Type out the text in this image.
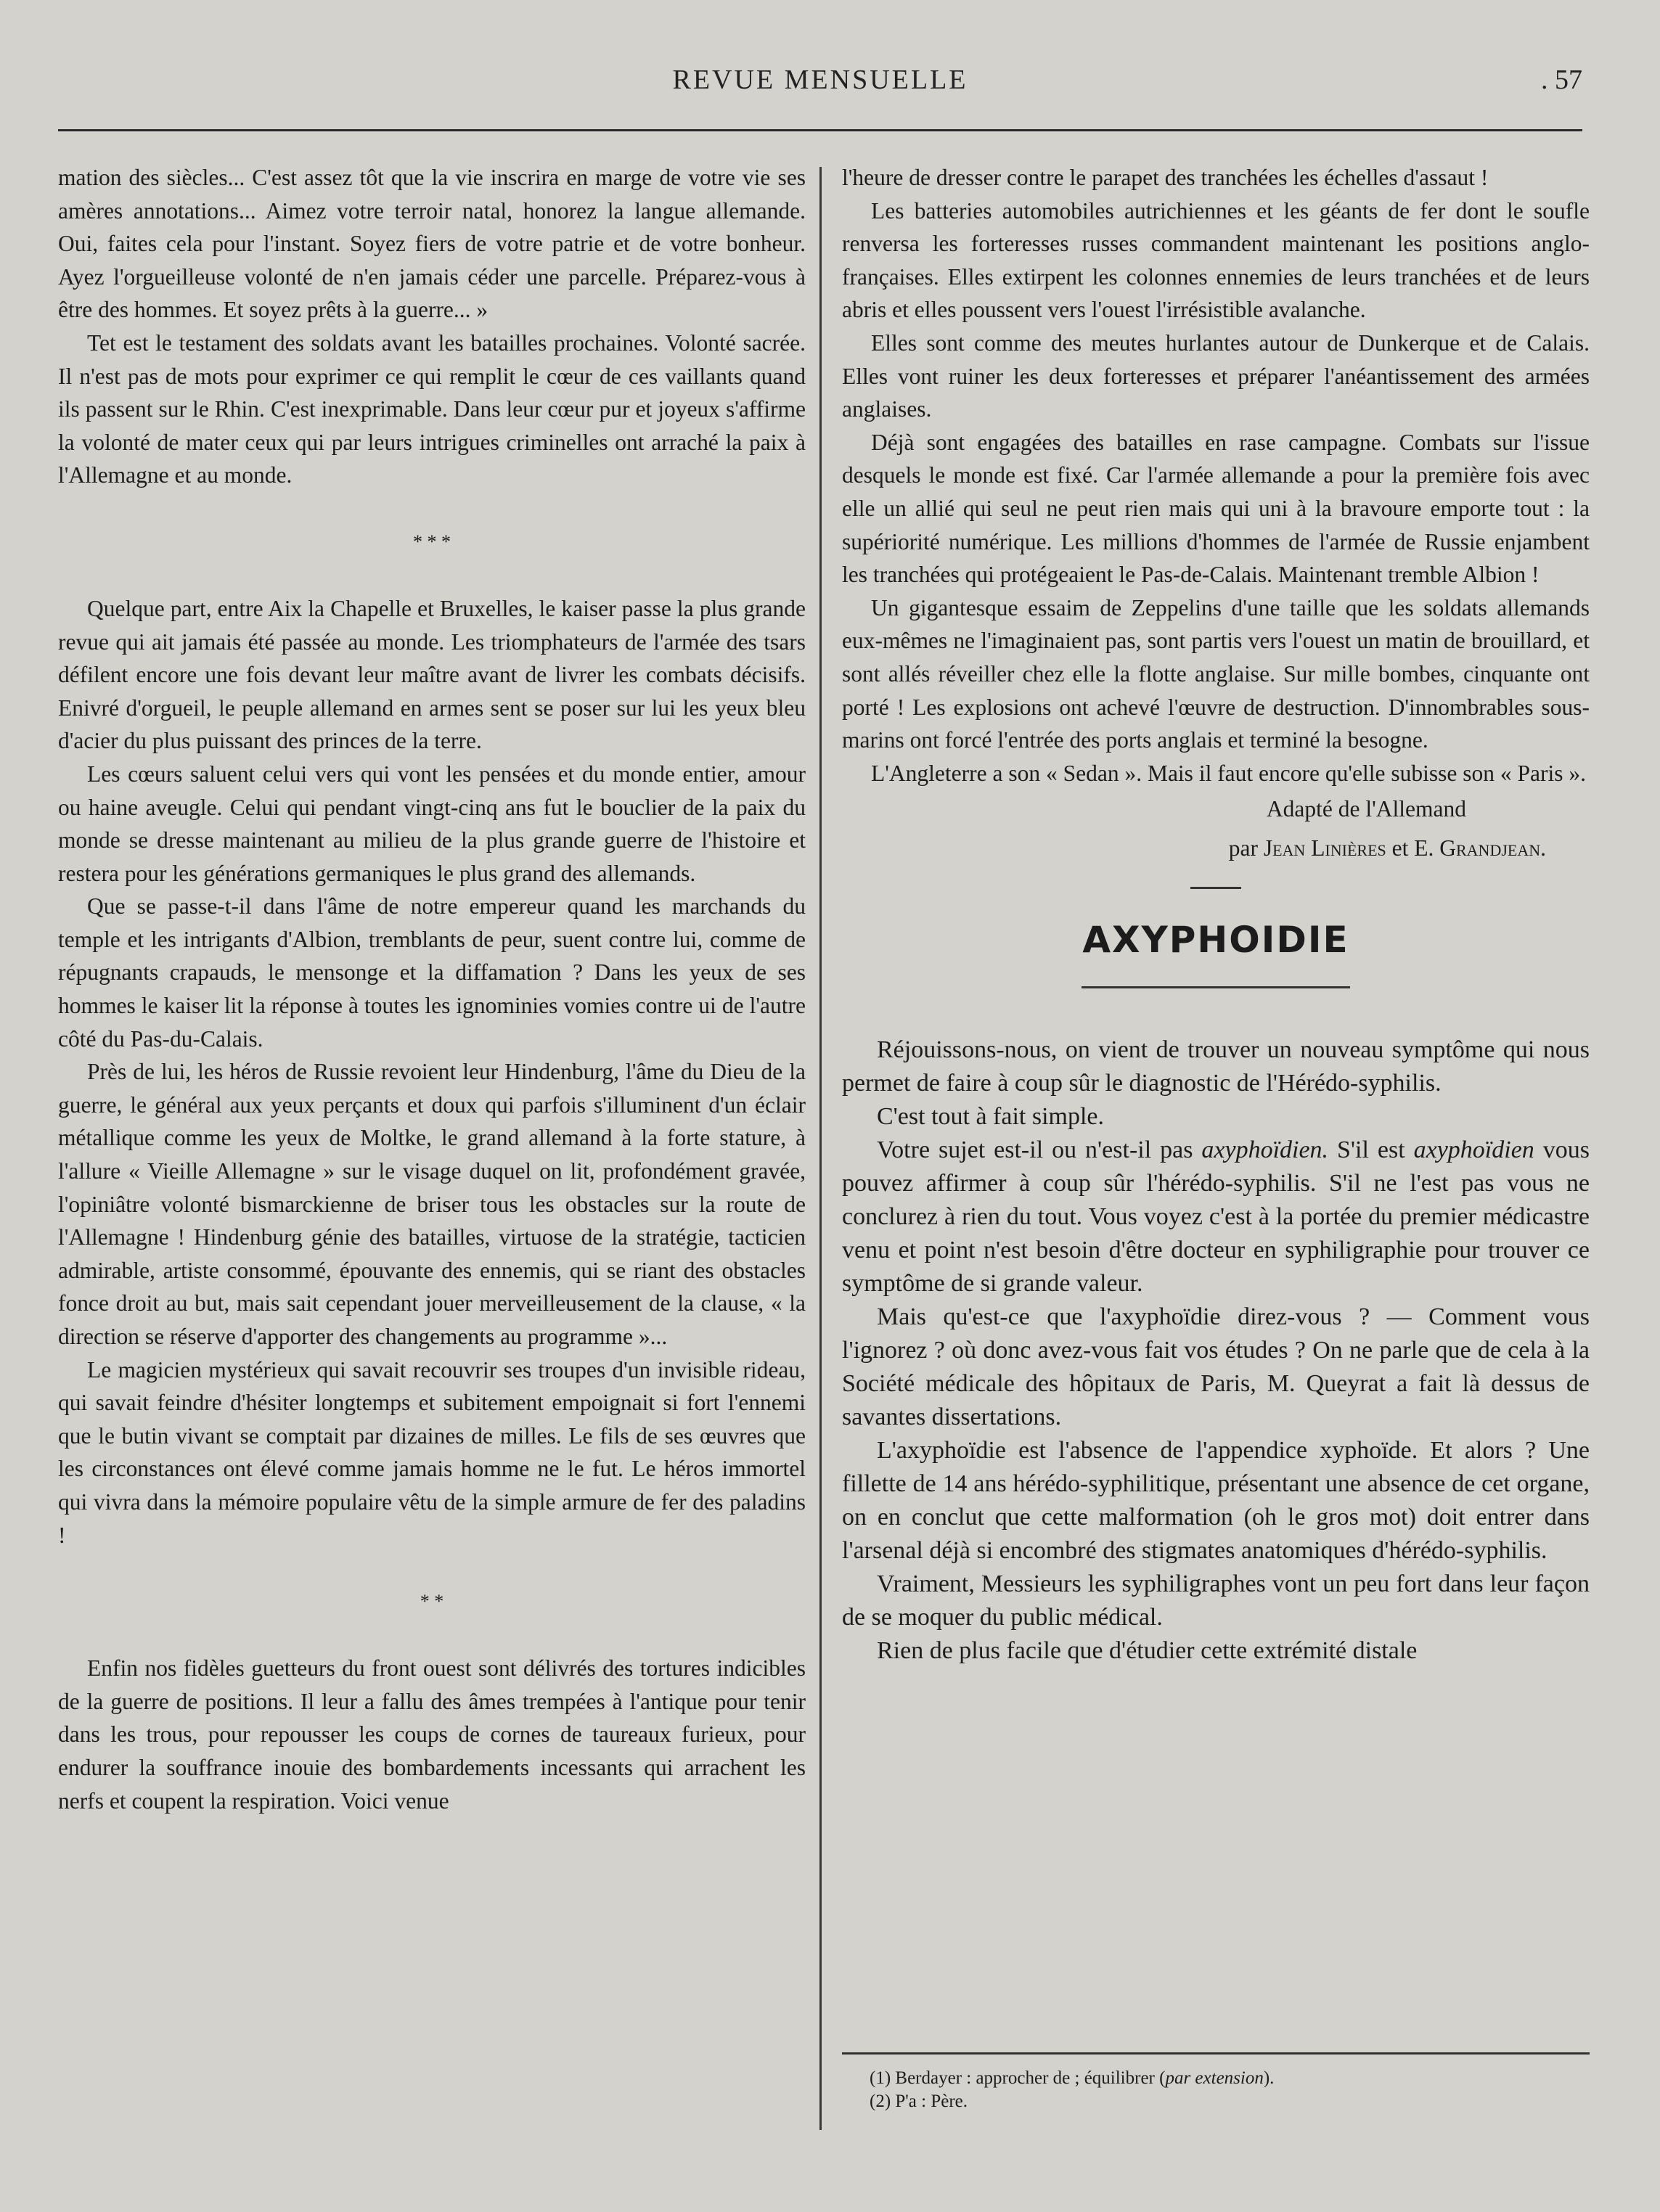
REVUE MENSUELLE	. 57

mation des siècles... C'est assez tôt que la vie inscrira en marge de votre vie ses amères annotations... Aimez votre terroir natal, honorez la langue allemande. Oui, faites cela pour l'instant. Soyez fiers de votre patrie et de votre bonheur. Ayez l'orgueilleuse volonté de n'en jamais céder une parcelle. Préparez-vous à être des hommes. Et soyez prêts à la guerre... »

Tet est le testament des soldats avant les batailles prochaines. Volonté sacrée. Il n'est pas de mots pour exprimer ce qui remplit le cœur de ces vaillants quand ils passent sur le Rhin. C'est inexprimable. Dans leur cœur pur et joyeux s'affirme la volonté de mater ceux qui par leurs intrigues criminelles ont arraché la paix à l'Allemagne et au monde.

* * *

Quelque part, entre Aix la Chapelle et Bruxelles, le kaiser passe la plus grande revue qui ait jamais été passée au monde. Les triomphateurs de l'armée des tsars défilent encore une fois devant leur maître avant de livrer les combats décisifs. Enivré d'orgueil, le peuple allemand en armes sent se poser sur lui les yeux bleu d'acier du plus puissant des princes de la terre.

Les cœurs saluent celui vers qui vont les pensées et du monde entier, amour ou haine aveugle. Celui qui pendant vingt-cinq ans fut le bouclier de la paix du monde se dresse maintenant au milieu de la plus grande guerre de l'histoire et restera pour les générations germaniques le plus grand des allemands.

Que se passe-t-il dans l'âme de notre empereur quand les marchands du temple et les intrigants d'Albion, tremblants de peur, suent contre lui, comme de répugnants crapauds, le mensonge et la diffamation ? Dans les yeux de ses hommes le kaiser lit la réponse à toutes les ignominies vomies contre ui de l'autre côté du Pas-du-Calais.

Près de lui, les héros de Russie revoient leur Hindenburg, l'âme du Dieu de la guerre, le général aux yeux perçants et doux qui parfois s'illuminent d'un éclair métallique comme les yeux de Moltke, le grand allemand à la forte stature, à l'allure « Vieille Allemagne » sur le visage duquel on lit, profondément gravée, l'opiniâtre volonté bismarckienne de briser tous les obstacles sur la route de l'Allemagne ! Hindenburg génie des batailles, virtuose de la stratégie, tacticien admirable, artiste consommé, épouvante des ennemis, qui se riant des obstacles fonce droit au but, mais sait cependant jouer merveilleusement de la clause, « la direction se réserve d'apporter des changements au programme »...

Le magicien mystérieux qui savait recouvrir ses troupes d'un invisible rideau, qui savait feindre d'hésiter longtemps et subitement empoignait si fort l'ennemi que le butin vivant se comptait par dizaines de milles. Le fils de ses œuvres que les circonstances ont élevé comme jamais homme ne le fut. Le héros immortel qui vivra dans la mémoire populaire vêtu de la simple armure de fer des paladins !

* *

Enfin nos fidèles guetteurs du front ouest sont délivrés des tortures indicibles de la guerre de positions. Il leur a fallu des âmes trempées à l'antique pour tenir dans les trous, pour repousser les coups de cornes de taureaux furieux, pour endurer la souffrance inouie des bombardements incessants qui arrachent les nerfs et coupent la respiration. Voici venue

l'heure de dresser contre le parapet des tranchées les échelles d'assaut !

Les batteries automobiles autrichiennes et les géants de fer dont le soufle renversa les forteresses russes commandent maintenant les positions anglo-françaises. Elles extirpent les colonnes ennemies de leurs tranchées et de leurs abris et elles poussent vers l'ouest l'irrésistible avalanche.

Elles sont comme des meutes hurlantes autour de Dunkerque et de Calais. Elles vont ruiner les deux forteresses et préparer l'anéantissement des armées anglaises.

Déjà sont engagées des batailles en rase campagne. Combats sur l'issue desquels le monde est fixé. Car l'armée allemande a pour la première fois avec elle un allié qui seul ne peut rien mais qui uni à la bravoure emporte tout : la supériorité numérique. Les millions d'hommes de l'armée de Russie enjambent les tranchées qui protégeaient le Pas-de-Calais. Maintenant tremble Albion !

Un gigantesque essaim de Zeppelins d'une taille que les soldats allemands eux-mêmes ne l'imaginaient pas, sont partis vers l'ouest un matin de brouillard, et sont allés réveiller chez elle la flotte anglaise. Sur mille bombes, cinquante ont porté ! Les explosions ont achevé l'œuvre de destruction. D'innombrables sous-marins ont forcé l'entrée des ports anglais et terminé la besogne.

L'Angleterre a son « Sedan ». Mais il faut encore qu'elle subisse son « Paris ».

Adapté de l'Allemand
par Jean Linières et E. Grandjean.
AXYPHOIDIE

Réjouissons-nous, on vient de trouver un nouveau symptôme qui nous permet de faire à coup sûr le diagnostic de l'Hérédo-syphilis.

C'est tout à fait simple.

Votre sujet est-il ou n'est-il pas axyphoïdien. S'il est axyphoïdien vous pouvez affirmer à coup sûr l'hérédo-syphilis. S'il ne l'est pas vous ne conclurez à rien du tout. Vous voyez c'est à la portée du premier médicastre venu et point n'est besoin d'être docteur en syphiligraphie pour trouver ce symptôme de si grande valeur.

Mais qu'est-ce que l'axyphoïdie direz-vous ? — Comment vous l'ignorez ? où donc avez-vous fait vos études ? On ne parle que de cela à la Société médicale des hôpitaux de Paris, M. Queyrat a fait là dessus de savantes dissertations.

L'axyphoïdie est l'absence de l'appendice xyphoïde. Et alors ? Une fillette de 14 ans hérédo-syphilitique, présentant une absence de cet organe, on en conclut que cette malformation (oh le gros mot) doit entrer dans l'arsenal déjà si encombré des stigmates anatomiques d'hérédo-syphilis.

Vraiment, Messieurs les syphiligraphes vont un peu fort dans leur façon de se moquer du public médical.

Rien de plus facile que d'étudier cette extrémité distale

(1) Berdayer : approcher de ; équilibrer (par extension).
(2) P'a : Père.
